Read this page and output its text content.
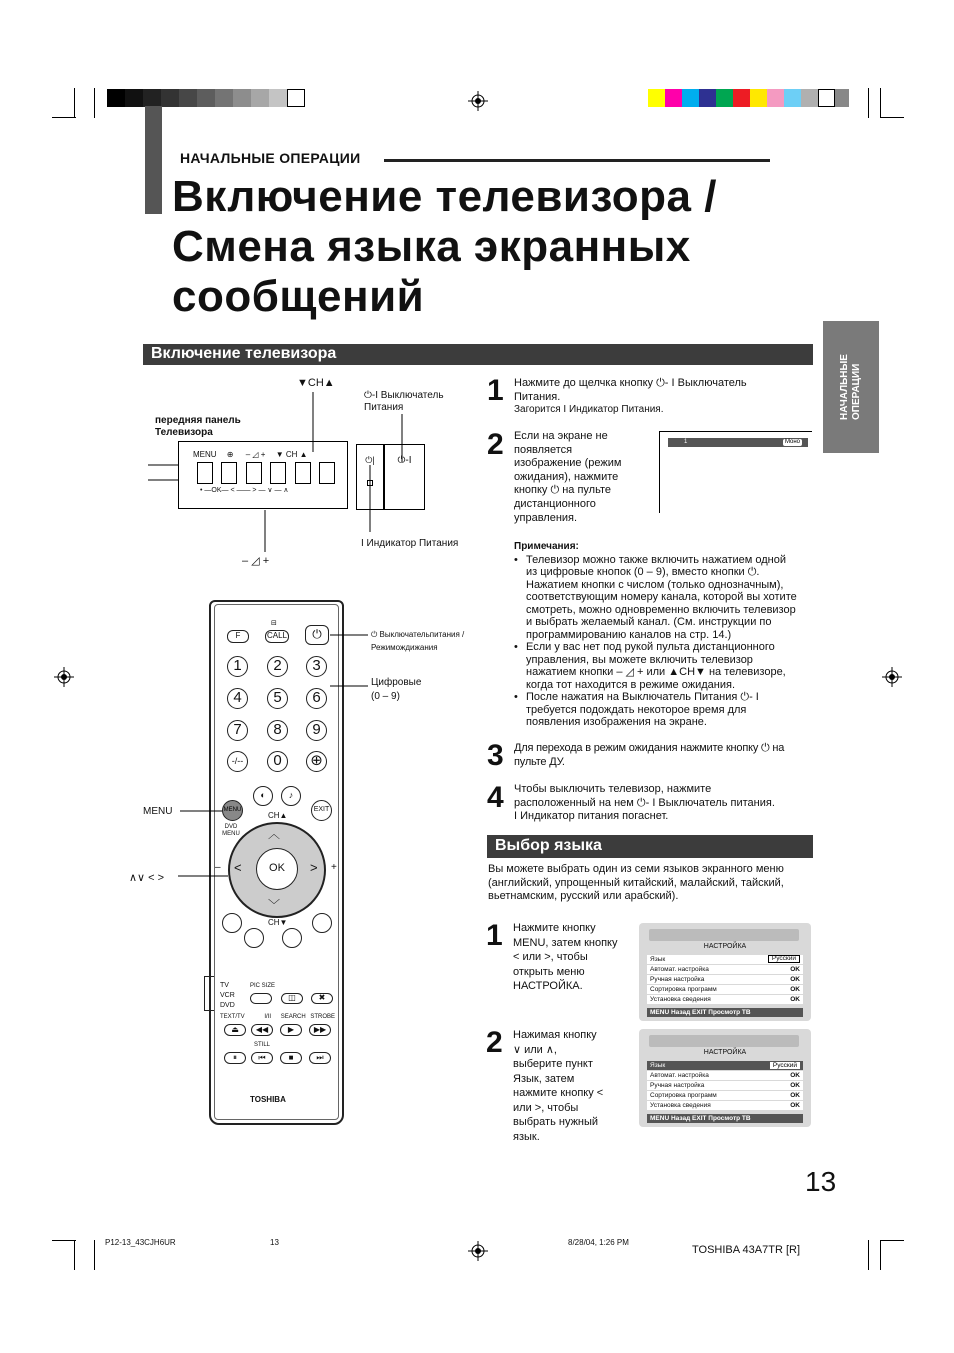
НАЧАЛЬНЫЕ ОПЕРАЦИИ
Включение телевизора /
Смена языка экранных
сообщений
НАЧАЛЬНЫЕ ОПЕРАЦИИ
Включение телевизора
Выбор языка
передняя панель
Телевизора
▼CH▲
⏻-I Выключатель
Питания
MENU ⊕ – ◿ + ▼ CH ▲
• —OK— < —— > — ∨ — ∧
⏻|	⏻-I
I Индикатор Питания
– ◿ +
F
⊟
CALL	⏻
1	2	3
4	5	6
7	8	9
-/--	0	⊕
◐	♪
MENU	EXIT
DVD MENU
CH▲
︿
﹀
<	>
OK
–	+
CH▼
TV
VCR
DVD
PIC SIZE
◫	✖
TEXT/TV	I/II SEARCH STROBE
⏏	◀◀	▶	▶▶
STILL
⏸	⏮	■	⏭
TOSHIBA
⏻ Выключательпитания /
Режимождижания
Цифровые
(0 – 9)
MENU
∧∨ < >
1 Нажмите до щелчка кнопку ⏻- I Выключатель
Питания.
Загорится I Индикатор Питания.
2 Если на экране не
появляется
изображение (режим
ожидания), нажмите
кнопку ⏻ на пульте
дистанционного
управления.
1	Моно
Примечания:
• Телевизор можно также включить нажатием одной
из цифровые кнопок (0 – 9), вместо кнопки ⏻.
Нажатием кнопки с числом (только однозначным),
соответствующим номеру канала, которой вы хотите
смотреть, можно одновременно включить телевизор
и выбрать желаемый канал. (См. инструкции по
программированию каналов на стр. 14.)
• Если у вас нет под рукой пульта дистанционного
управления, вы можете включить телевизор
нажатием кнопки – ◿ + или ▲CH▼ на телевизоре,
когда тот находится в режиме ожидания.
• После нажатия на Выключатель Питания ⏻- I
требуется подождать некоторое время для
появления изображения на экране.
3 Для перехода в режим ожидания нажмите кнопку ⏻ на
пульте ДУ.
4 Чтобы выключить телевизор, нажмите
расположенный на нем ⏻- I Выключатель питания.
I Индикатор питания погаснет.
Вы можете выбрать один из семи языков экранного меню
(английский, упрощенный китайский, малайский, тайский,
вьетнамским, русский или арабский).
1 Нажмите кнопку
MENU, затем кнопку
< или >, чтобы
открыть меню
НАСТРОЙКА.
НАСТРОЙКА
Язык	Русский
Автомат. настройка	OK
Ручная настройка	OK
Сортировка программ	OK
Установка сведения	OK
MENU Назад EXIT Просмотр ТВ
2 Нажимая кнопку
∨ или ∧,
выберите пункт
Язык, затем
нажмите кнопку <
или >, чтобы
выбрать нужный
язык.
НАСТРОЙКА
Язык	Русский
Автомат. настройка	OK
Ручная настройка	OK
Сортировка программ	OK
Установка сведения	OK
MENU Назад EXIT Просмотр ТВ
13
P12-13_43CJH6UR	13	8/28/04, 1:26 PM
TOSHIBA 43A7TR [R]
